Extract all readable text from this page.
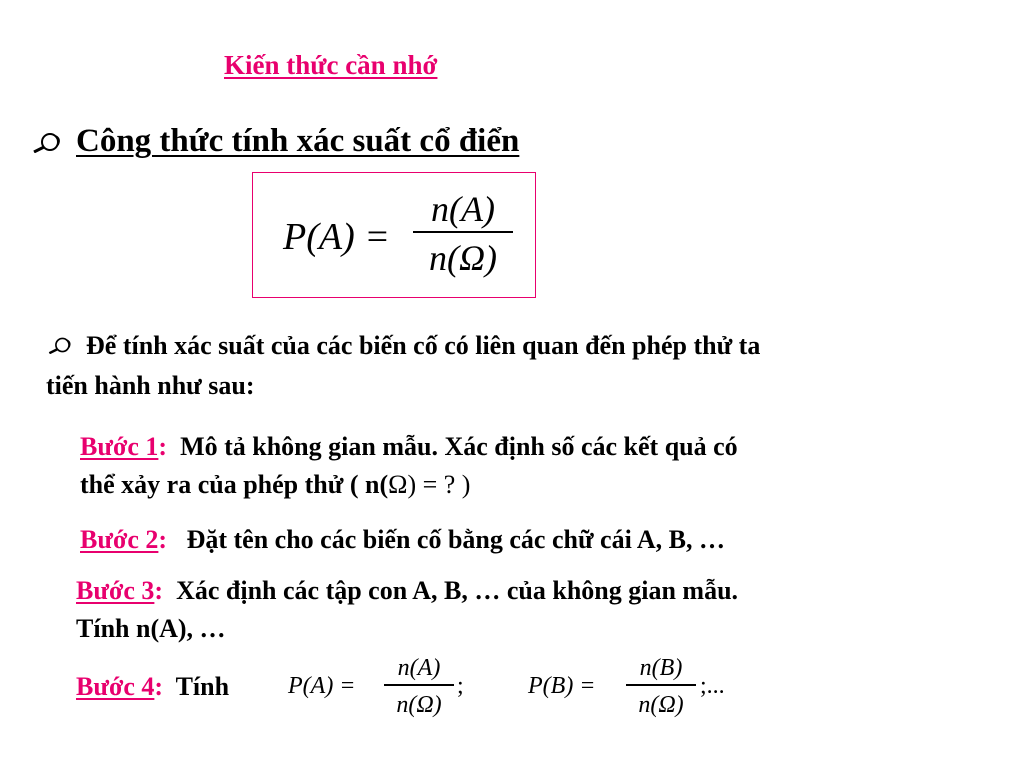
Kiến thức cần nhớ
Công thức tính xác suất cổ điển
P(A) =
n(A)
n(Ω)
Để tính xác suất của các biến cố có liên quan đến phép thử ta
tiến hành như sau:
Bước 1: Mô tả không gian mẫu. Xác định số các kết quả có
thể xảy ra của phép thử ( n(Ω) = ? )
Bước 2: Đặt tên cho các biến cố bằng các chữ cái A, B, …
Bước 3: Xác định các tập con A, B, … của không gian mẫu.
Tính n(A), …
Bước 4: Tính P(A) =
n(A)
n(Ω)
;	P(B) =
n(B)
n(Ω)
;...
